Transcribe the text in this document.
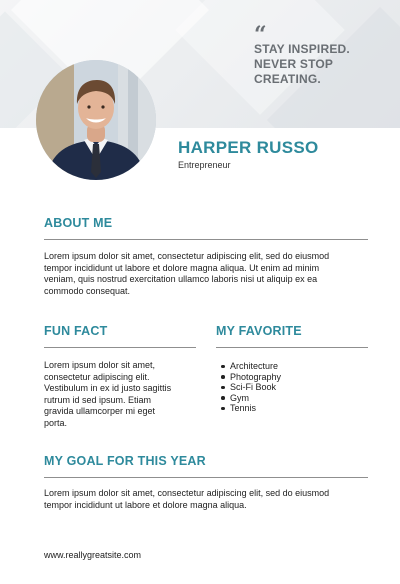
“
STAY INSPIRED.
NEVER STOP
CREATING.
HARPER RUSSO
Entrepreneur
ABOUT ME
Lorem ipsum dolor sit amet, consectetur adipiscing elit, sed do eiusmod
tempor incididunt ut labore et dolore magna aliqua. Ut enim ad minim
veniam, quis nostrud exercitation ullamco laboris nisi ut aliquip ex ea
commodo consequat.
FUN FACT
Lorem ipsum dolor sit amet,
consectetur adipiscing elit.
Vestibulum in ex id justo sagittis
rutrum id sed ipsum. Etiam
gravida ullamcorper mi eget
porta.
MY FAVORITE
Architecture
Photography
Sci-Fi Book
Gym
Tennis
MY GOAL FOR THIS YEAR
Lorem ipsum dolor sit amet, consectetur adipiscing elit, sed do eiusmod
tempor incididunt ut labore et dolore magna aliqua.
www.reallygreatsite.com
